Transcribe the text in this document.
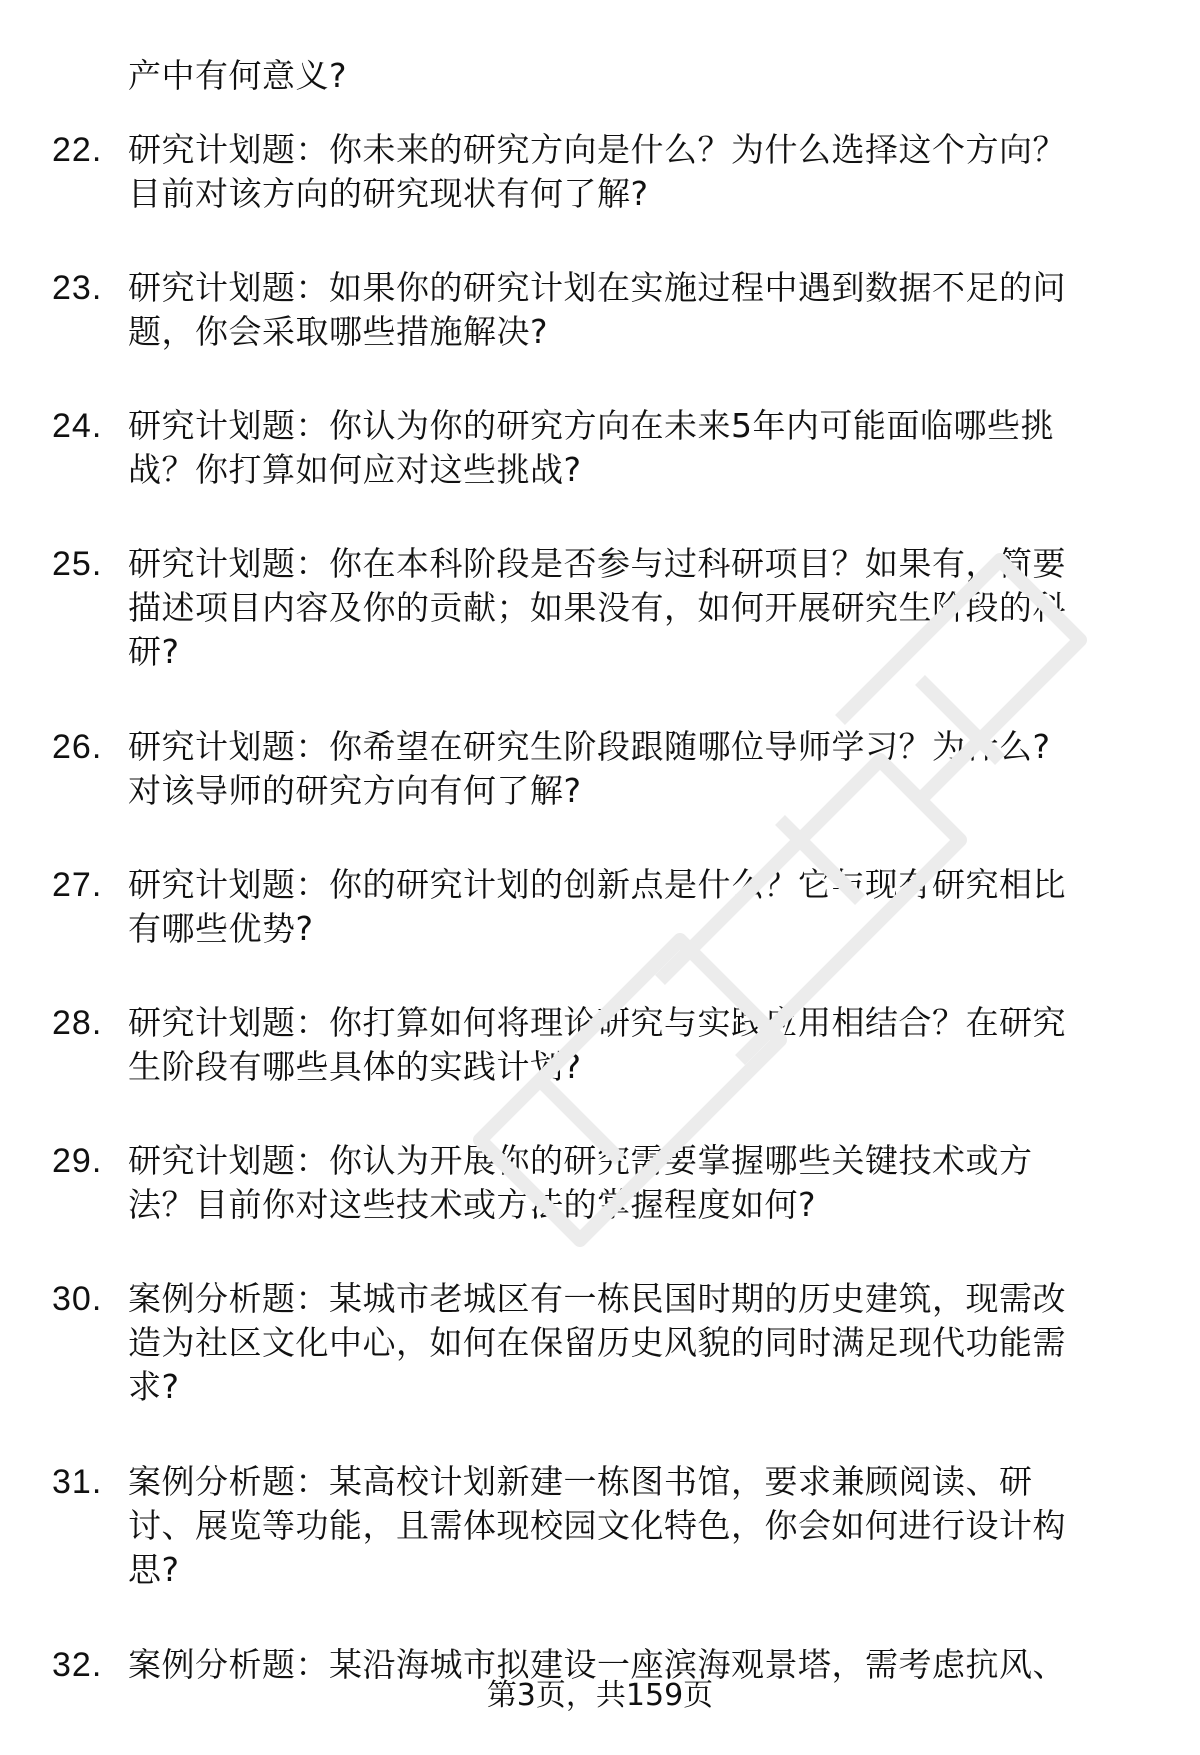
产中有何意义?
22. 研究计划题：你未来的研究方向是什么？为什么选择这个方向？
目前对该方向的研究现状有何了解?
23. 研究计划题：如果你的研究计划在实施过程中遇到数据不足的问
题，你会采取哪些措施解决?
24. 研究计划题：你认为你的研究方向在未来5年内可能面临哪些挑
战？你打算如何应对这些挑战?
25. 研究计划题：你在本科阶段是否参与过科研项目？如果有，简要
描述项目内容及你的贡献；如果没有，如何开展研究生阶段的科
研?
26. 研究计划题：你希望在研究生阶段跟随哪位导师学习？为什么?
对该导师的研究方向有何了解?
27. 研究计划题：你的研究计划的创新点是什么？它与现有研究相比
有哪些优势?
28. 研究计划题：你打算如何将理论研究与实践应用相结合？在研究
生阶段有哪些具体的实践计划?
29. 研究计划题：你认为开展你的研究需要掌握哪些关键技术或方
法？目前你对这些技术或方法的掌握程度如何?
30. 案例分析题：某城市老城区有一栋民国时期的历史建筑，现需改
造为社区文化中心，如何在保留历史风貌的同时满足现代功能需
求?
31. 案例分析题：某高校计划新建一栋图书馆，要求兼顾阅读、研
讨、展览等功能，且需体现校园文化特色，你会如何进行设计构
思?
32. 案例分析题：某沿海城市拟建设一座滨海观景塔，需考虑抗风、
第3页，共159页
